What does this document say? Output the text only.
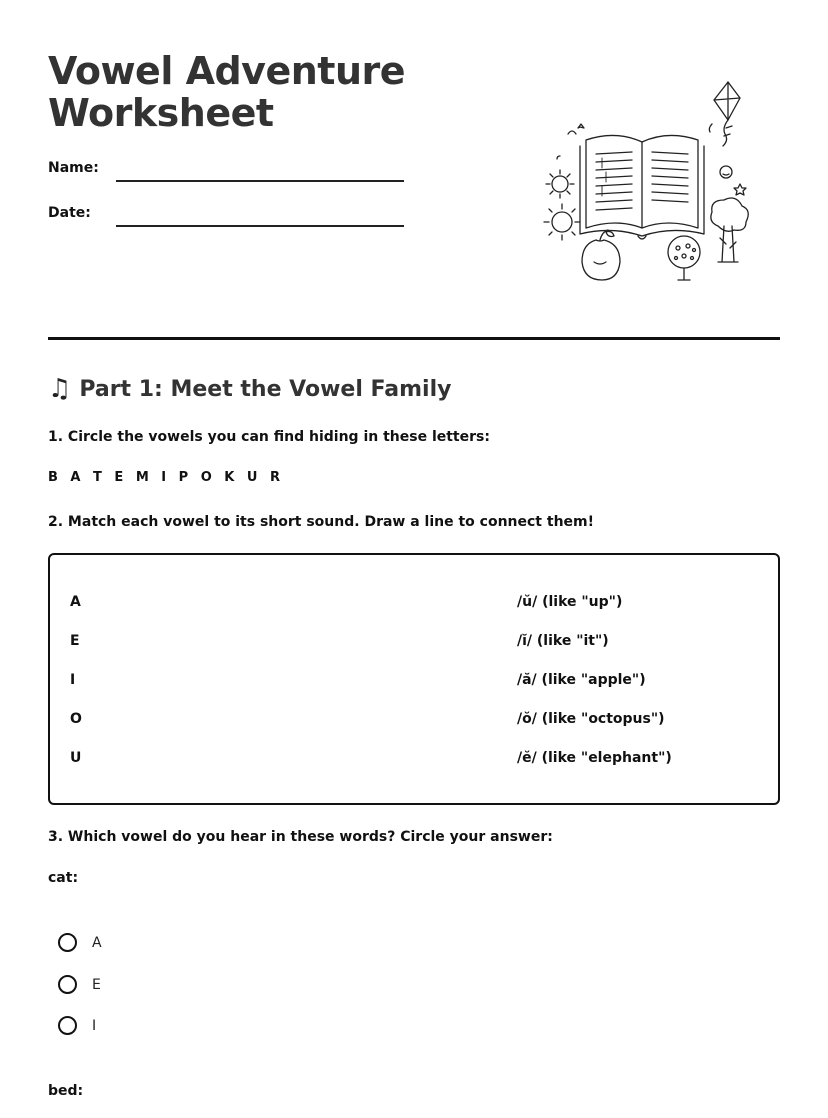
Vowel Adventure
Worksheet
Name:
Date:
♫ Part 1: Meet the Vowel Family
1. Circle the vowels you can find hiding in these letters:
B A T E M I P O K U R
2. Match each vowel to its short sound. Draw a line to connect them!
A
E
I
O
U
/ŭ/ (like "up")
/ĭ/ (like "it")
/ă/ (like "apple")
/ŏ/ (like "octopus")
/ĕ/ (like "elephant")
3. Which vowel do you hear in these words? Circle your answer:
cat:
A
E
I
bed:
